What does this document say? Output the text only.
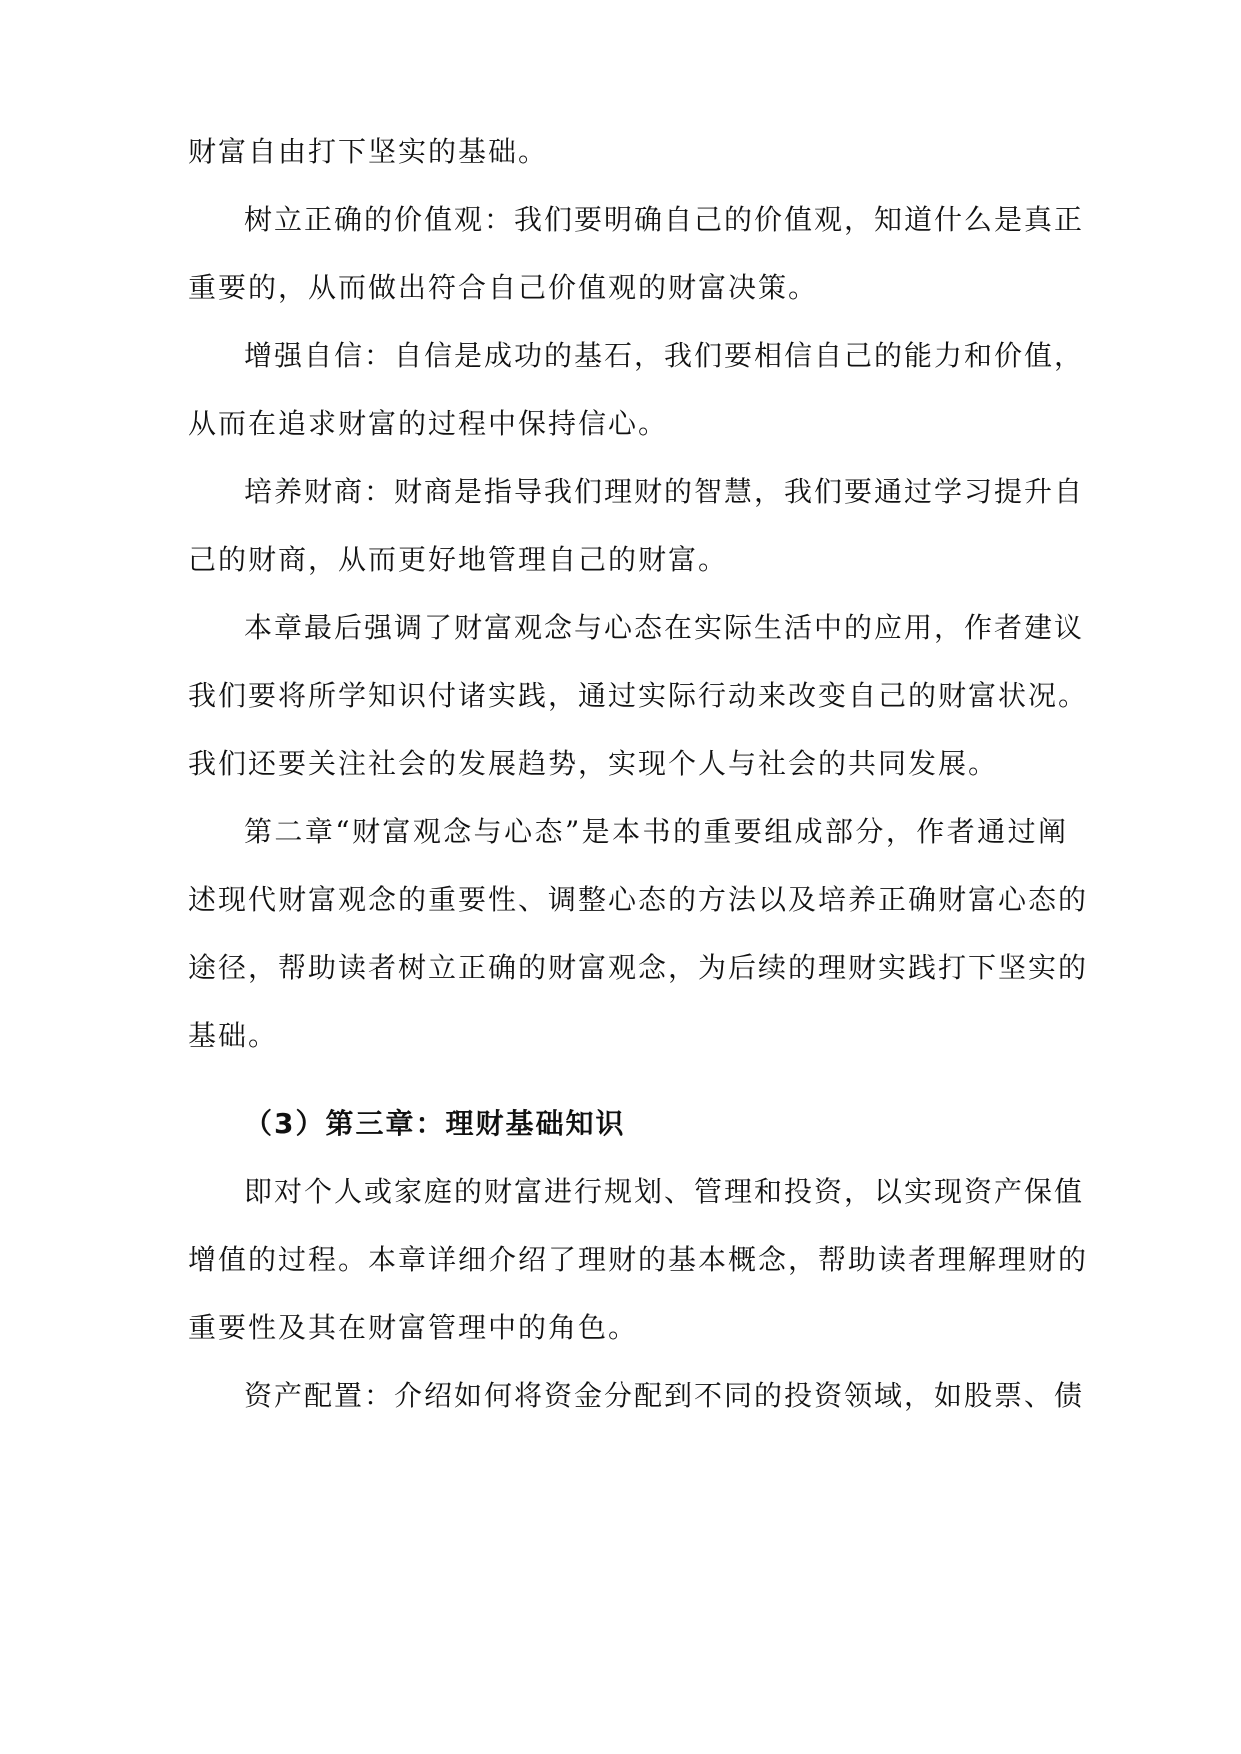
财富自由打下坚实的基础。
树立正确的价值观：我们要明确自己的价值观，知道什么是真正
重要的，从而做出符合自己价值观的财富决策。
增强自信：自信是成功的基石，我们要相信自己的能力和价值，
从而在追求财富的过程中保持信心。
培养财商：财商是指导我们理财的智慧，我们要通过学习提升自
己的财商，从而更好地管理自己的财富。
本章最后强调了财富观念与心态在实际生活中的应用，作者建议
我们要将所学知识付诸实践，通过实际行动来改变自己的财富状况。
我们还要关注社会的发展趋势，实现个人与社会的共同发展。
第二章“财富观念与心态”是本书的重要组成部分，作者通过阐
述现代财富观念的重要性、调整心态的方法以及培养正确财富心态的
途径，帮助读者树立正确的财富观念，为后续的理财实践打下坚实的
基础。
（3）第三章：理财基础知识
即对个人或家庭的财富进行规划、管理和投资，以实现资产保值
增值的过程。本章详细介绍了理财的基本概念，帮助读者理解理财的
重要性及其在财富管理中的角色。
资产配置：介绍如何将资金分配到不同的投资领域，如股票、债
